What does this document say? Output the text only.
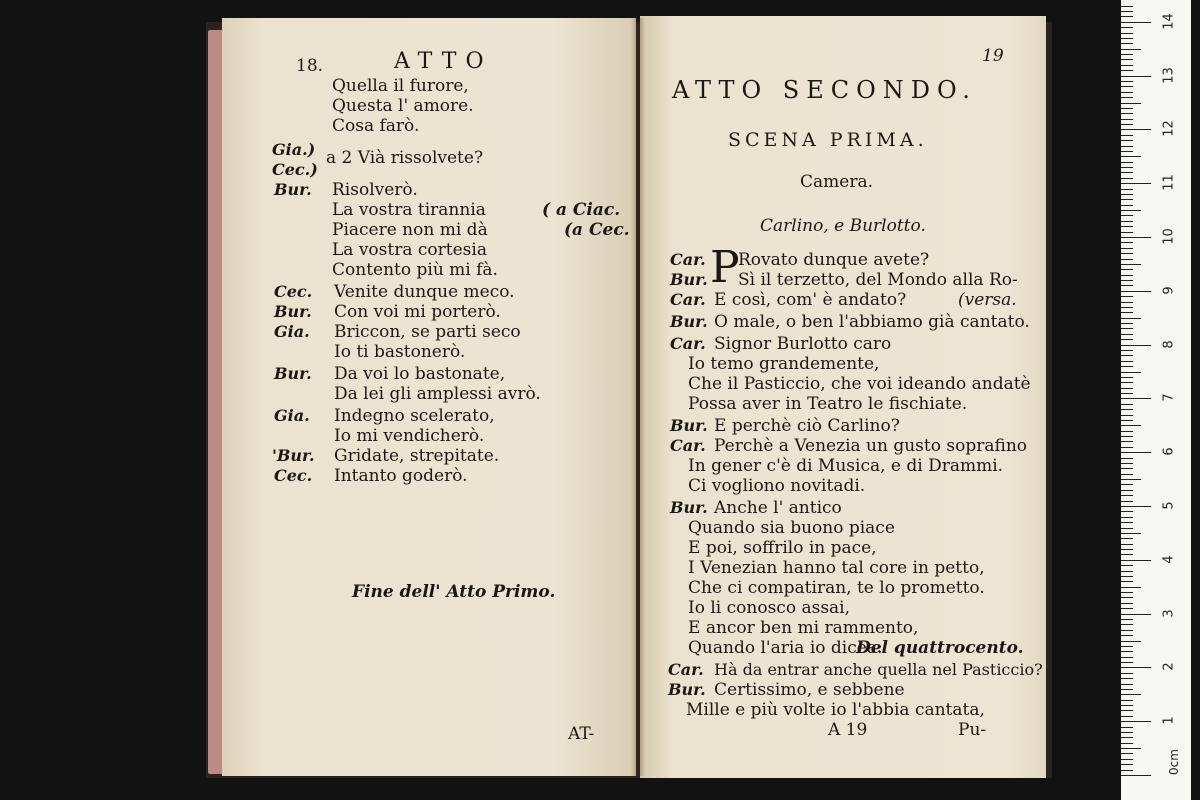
18.	ATTO
Quella il furore,
Questa l' amore.
Cosa farò.
Gia.) a 2 Vià rissolvete?
Cec.)
Bur. Risolverò.
La vostra tirannia	( a Ciac.
Piacere non mi dà	(a Cec.
La vostra cortesia
Contento più mi fà.
Cec. Venite dunque meco.
Bur. Con voi mi porterò.
Gia. Briccon, se parti seco
Io ti bastonerò.
Bur. Da voi lo bastonate,
Da lei gli amplessi avrò.
Gia. Indegno scelerato,
Io mi vendicherò.
'Bur. Gridate, strepitate.
Cec. Intanto goderò.
Fine dell' Atto Primo.
AT-
19
ATTO SECONDO.
SCENA PRIMA.
Camera.
Carlino, e Burlotto.
Car. P
Rovato dunque avete?
Bur. Sì il terzetto, del Mondo alla Ro-
Car. E così, com' è andato?	(versa.
Bur. O male, o ben l'abbiamo già cantato.
Car. Signor Burlotto caro
Io temo grandemente,
Che il Pasticcio, che voi ideando andatè
Possa aver in Teatro le fischiate.
Bur. E perchè ciò Carlino?
Car. Perchè a Venezia un gusto soprafino
In gener c'è di Musica, e di Drammi.
Ci vogliono novitadi.
Bur. Anche l' antico
Quando sia buono piace
E poi, soffrilo in pace,
I Venezian hanno tal core in petto,
Che ci compatiran, te lo prometto.
Io li conosco assai,
E ancor ben mi rammento,
Quando l'aria io dicea:
Del quattrocento.
Car. Hà da entrar anche quella nel Pasticcio?
Bur. Certissimo, e sebbene
Mille e più volte io l'abbia cantata,
A 19	Pu-
0cm
1
2
3
4
5
6
7
8
9
10
11
12
13
14
